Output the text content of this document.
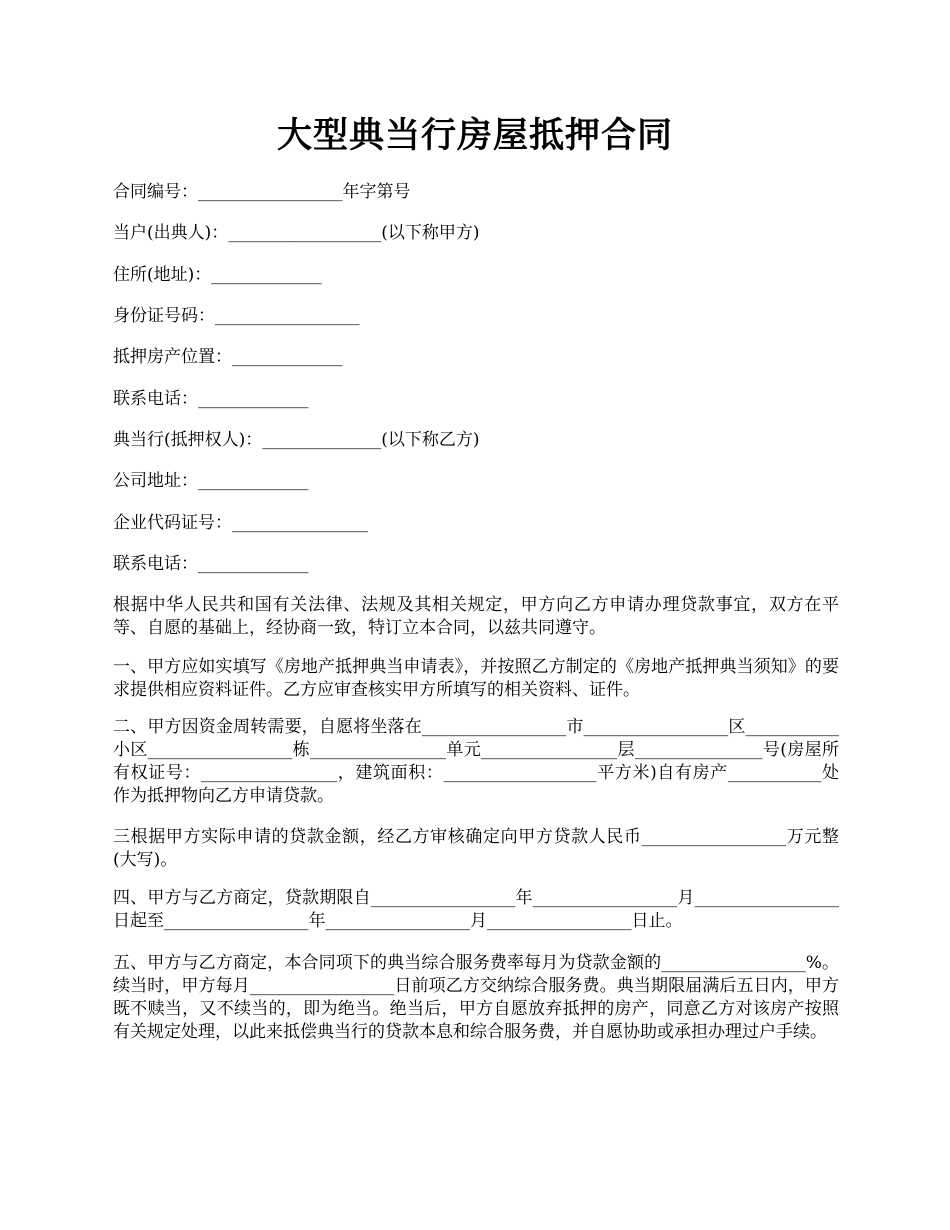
大型典当行房屋抵押合同
合同编号：_________________年字第号
当户(出典人)：__________________(以下称甲方)
住所(地址)：_____________
身份证号码：_________________
抵押房产位置：_____________
联系电话：_____________
典当行(抵押权人)：______________(以下称乙方)
公司地址：_____________
企业代码证号：________________
联系电话：_____________

根据中华人民共和国有关法律、法规及其相关规定，甲方向乙方申请办理贷款事宜，双方在平等、自愿的基础上，经协商一致，特订立本合同，以兹共同遵守。

一、甲方应如实填写《房地产抵押典当申请表》，并按照乙方制定的《房地产抵押典当须知》的要求提供相应资料证件。乙方应审查核实甲方所填写的相关资料、证件。

二、甲方因资金周转需要，自愿将坐落在_________________市_________________区___________小区_________________栋________________单元________________层_______________号(房屋所有权证号：________________，建筑面积：__________________平方米)自有房产___________处作为抵押物向乙方申请贷款。

三根据甲方实际申请的贷款金额，经乙方审核确定向甲方贷款人民币_________________万元整(大写)。

四、甲方与乙方商定，贷款期限自_________________年_________________月_________________日起至_________________年_________________月_________________日止。

五、甲方与乙方商定，本合同项下的典当综合服务费率每月为贷款金额的_________________%。续当时，甲方每月_________________日前项乙方交纳综合服务费。典当期限届满后五日内，甲方既不赎当，又不续当的，即为绝当。绝当后，甲方自愿放弃抵押的房产，同意乙方对该房产按照有关规定处理，以此来抵偿典当行的贷款本息和综合服务费，并自愿协助或承担办理过户手续。
